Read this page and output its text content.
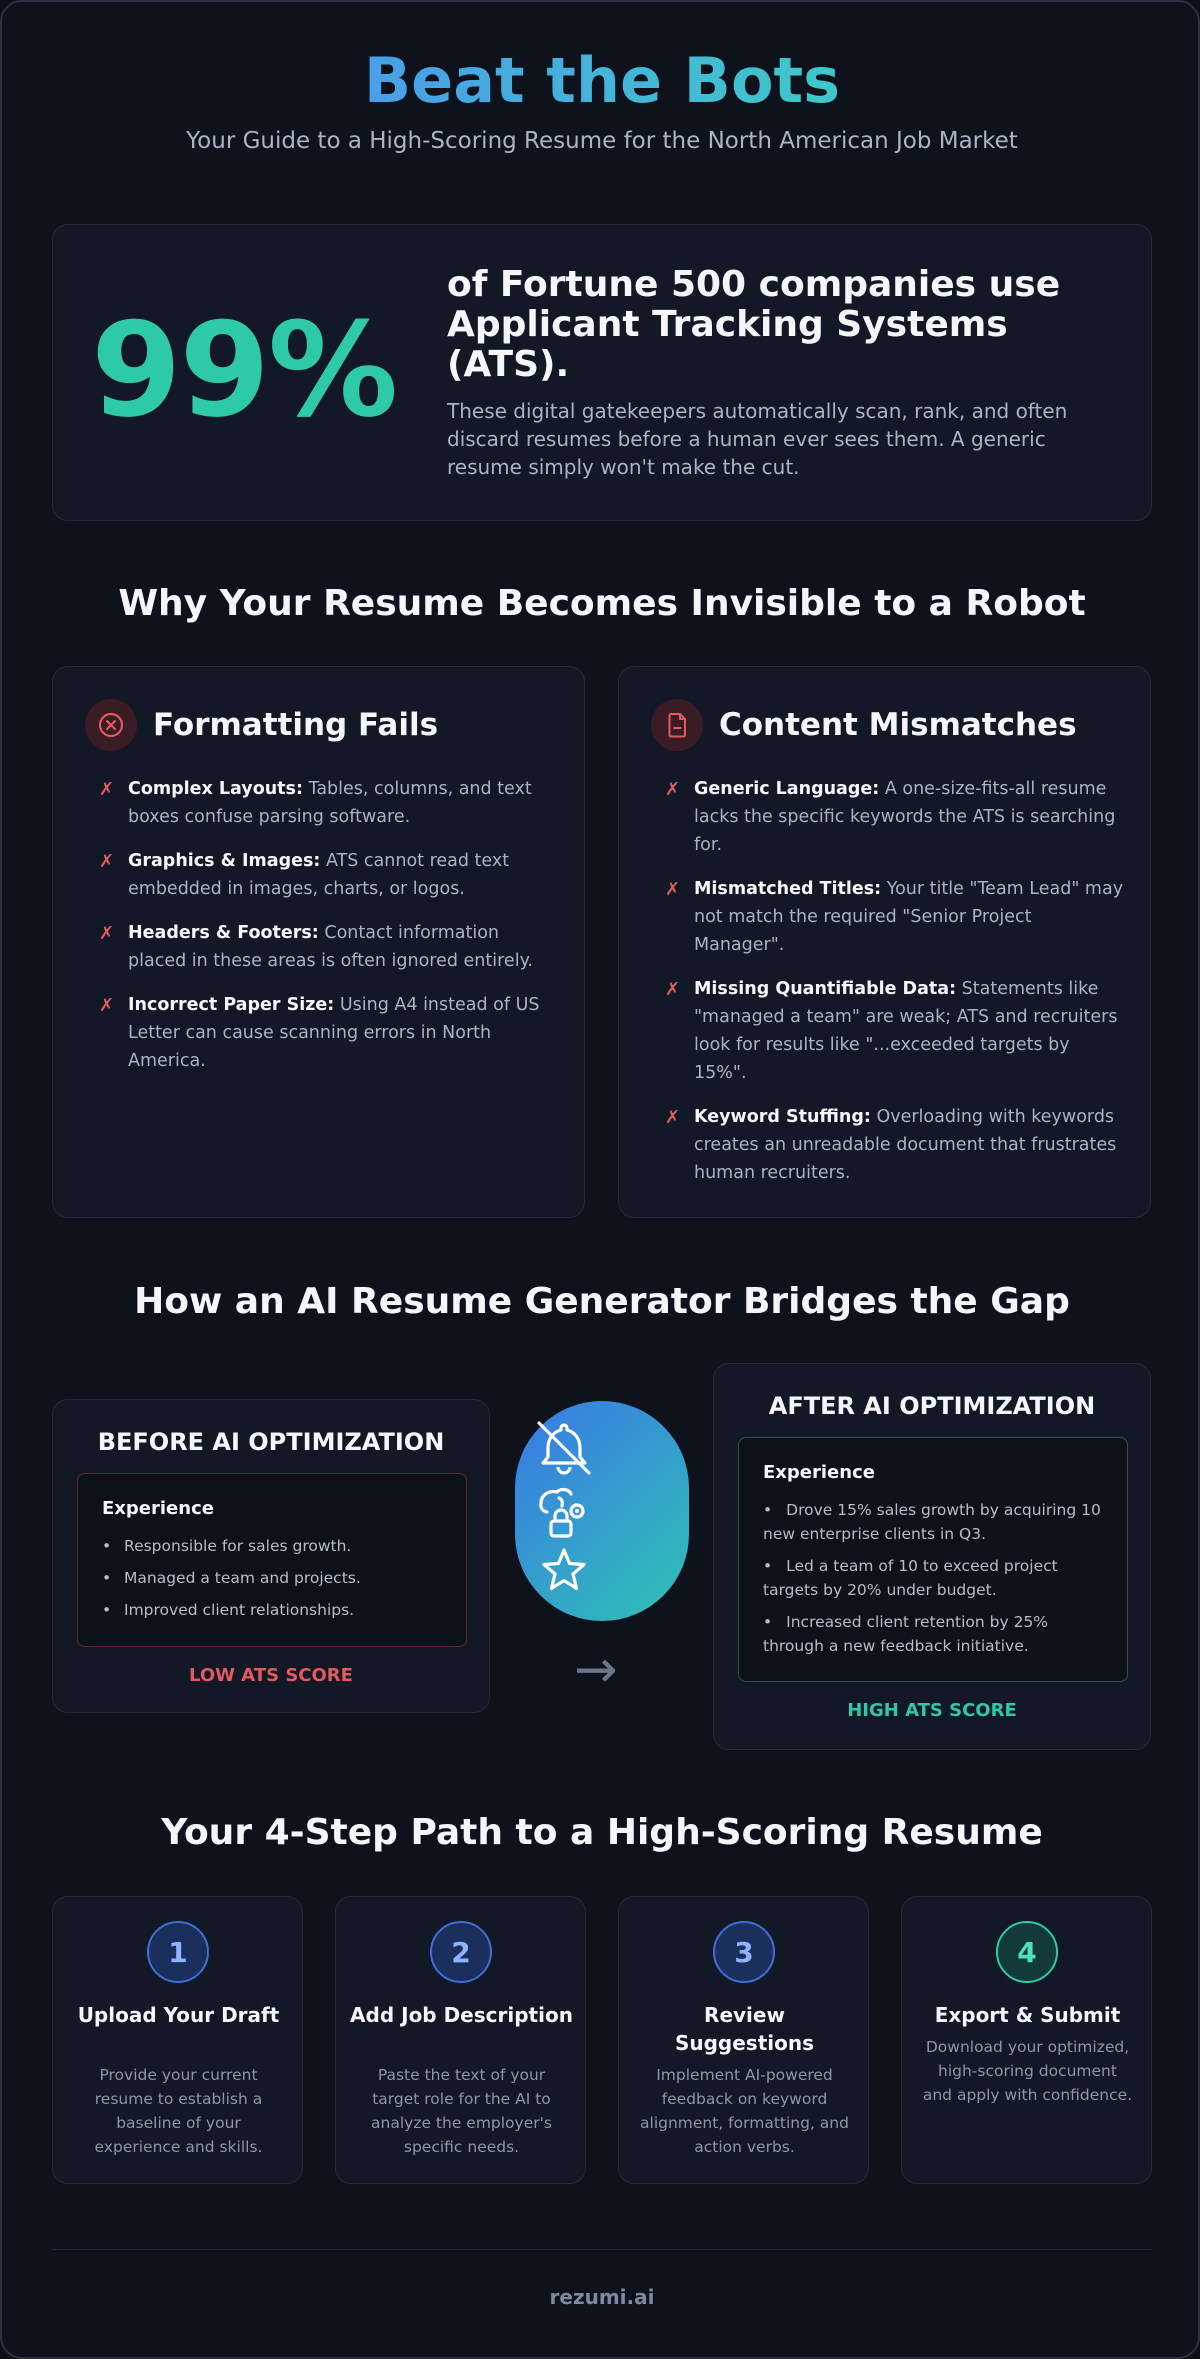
Beat the Bots
Your Guide to a High-Scoring Resume for the North American Job Market
99%
of Fortune 500 companies use Applicant Tracking Systems (ATS).
These digital gatekeepers automatically scan, rank, and often discard resumes before a human ever sees them. A generic resume simply won't make the cut.
Why Your Resume Becomes Invisible to a Robot
Formatting Fails
✗ Complex Layouts: Tables, columns, and text boxes confuse parsing software.
✗ Graphics & Images: ATS cannot read text embedded in images, charts, or logos.
✗ Headers & Footers: Contact information placed in these areas is often ignored entirely.
✗ Incorrect Paper Size: Using A4 instead of US Letter can cause scanning errors in North America.
Content Mismatches
✗ Generic Language: A one-size-fits-all resume lacks the specific keywords the ATS is searching for.
✗ Mismatched Titles: Your title "Team Lead" may not match the required "Senior Project Manager".
✗ Missing Quantifiable Data: Statements like "managed a team" are weak; ATS and recruiters look for results like "...exceeded targets by 15%".
✗ Keyword Stuffing: Overloading with keywords creates an unreadable document that frustrates human recruiters.
How an AI Resume Generator Bridges the Gap
BEFORE AI OPTIMIZATION
Experience
• Responsible for sales growth.
• Managed a team and projects.
• Improved client relationships.
LOW ATS SCORE	→
AFTER AI OPTIMIZATION
Experience
• Drove 15% sales growth by acquiring 10 new enterprise clients in Q3.
• Led a team of 10 to exceed project targets by 20% under budget.
• Increased client retention by 25% through a new feedback initiative.
HIGH ATS SCORE
Your 4-Step Path to a High-Scoring Resume
1
Upload Your Draft
Provide your current resume to establish a baseline of your experience and skills.
2
Add Job Description
Paste the text of your target role for the AI to analyze the employer's specific needs.
3
Review Suggestions
Implement AI-powered feedback on keyword alignment, formatting, and action verbs.
4
Export & Submit
Download your optimized, high-scoring document and apply with confidence.
rezumi.ai
